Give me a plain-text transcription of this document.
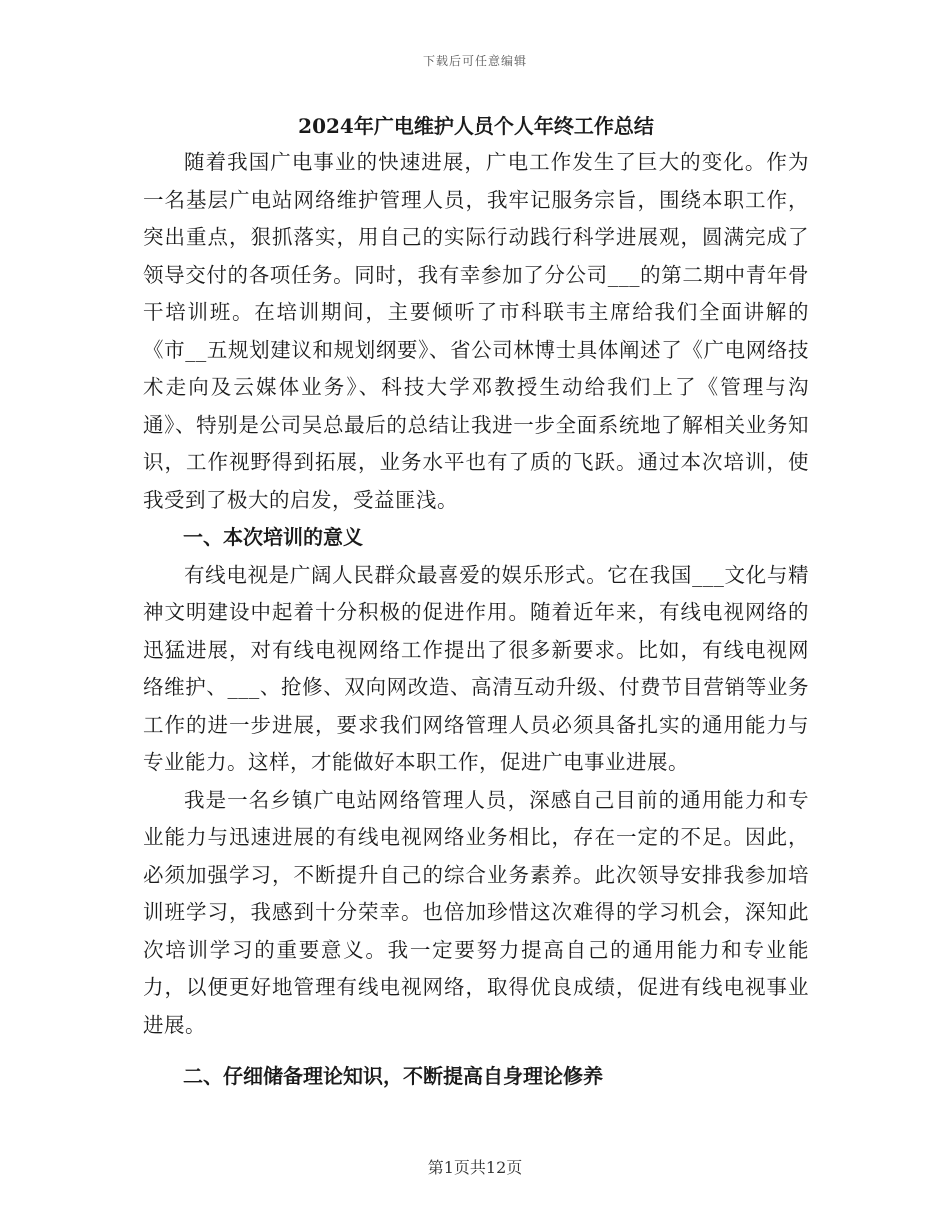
下载后可任意编辑
2024年广电维护人员个人年终工作总结

随着我国广电事业的快速进展，广电工作发生了巨大的变化。作为一名基层广电站网络维护管理人员，我牢记服务宗旨，围绕本职工作，突出重点，狠抓落实，用自己的实际行动践行科学进展观，圆满完成了领导交付的各项任务。同时，我有幸参加了分公司___的第二期中青年骨干培训班。在培训期间，主要倾听了市科联韦主席给我们全面讲解的《市__五规划建议和规划纲要》、省公司林博士具体阐述了《广电网络技术走向及云媒体业务》、科技大学邓教授生动给我们上了《管理与沟通》、特别是公司吴总最后的总结让我进一步全面系统地了解相关业务知识，工作视野得到拓展，业务水平也有了质的飞跃。通过本次培训，使我受到了极大的启发，受益匪浅。

一、本次培训的意义

有线电视是广阔人民群众最喜爱的娱乐形式。它在我国___文化与精神文明建设中起着十分积极的促进作用。随着近年来，有线电视网络的迅猛进展，对有线电视网络工作提出了很多新要求。比如，有线电视网络维护、___、抢修、双向网改造、高清互动升级、付费节目营销等业务工作的进一步进展，要求我们网络管理人员必须具备扎实的通用能力与专业能力。这样，才能做好本职工作，促进广电事业进展。

我是一名乡镇广电站网络管理人员，深感自己目前的通用能力和专业能力与迅速进展的有线电视网络业务相比，存在一定的不足。因此，必须加强学习，不断提升自己的综合业务素养。此次领导安排我参加培训班学习，我感到十分荣幸。也倍加珍惜这次难得的学习机会，深知此次培训学习的重要意义。我一定要努力提高自己的通用能力和专业能力，以便更好地管理有线电视网络，取得优良成绩，促进有线电视事业进展。

二、仔细储备理论知识，不断提高自身理论修养

第1页共12页
